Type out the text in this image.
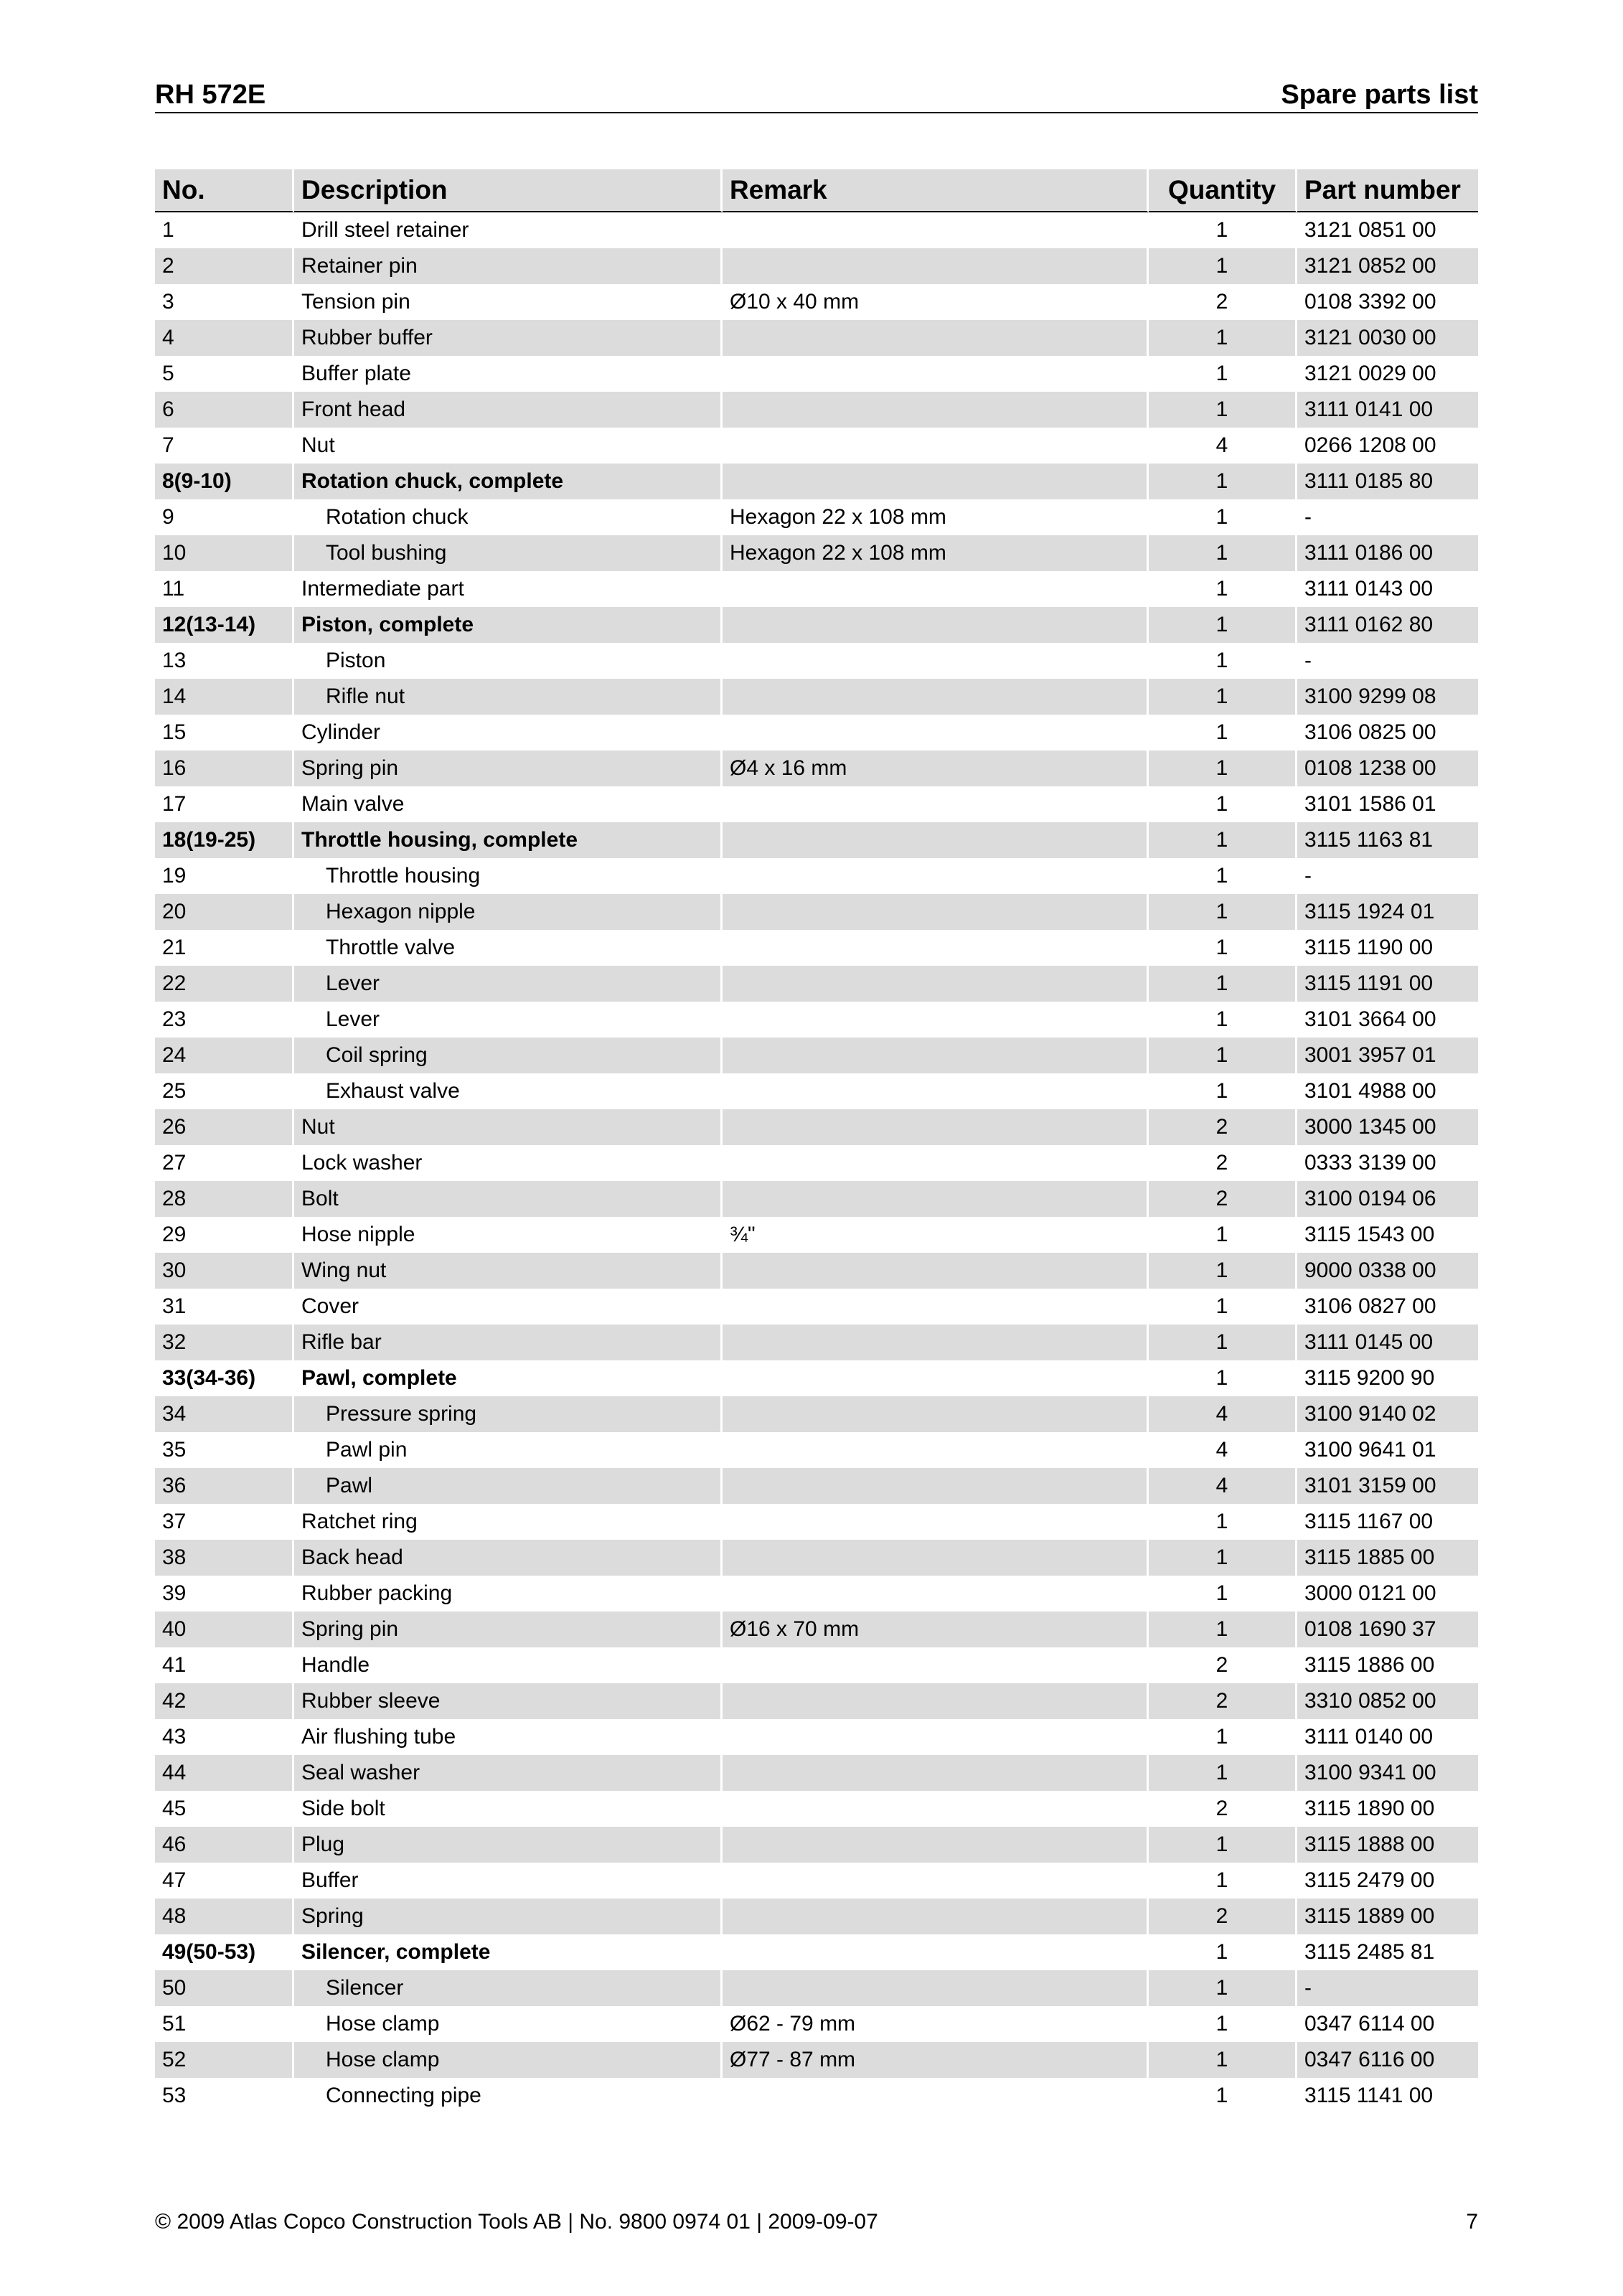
RH 572E	Spare parts list
No.	Description	Remark	Quantity	Part number
1	Drill steel retainer		1	3121 0851 00
2	Retainer pin		1	3121 0852 00
3	Tension pin	Ø10 x 40 mm	2	0108 3392 00
4	Rubber buffer		1	3121 0030 00
5	Buffer plate		1	3121 0029 00
6	Front head		1	3111 0141 00
7	Nut		4	0266 1208 00
8(9-10)	Rotation chuck, complete		1	3111 0185 80
9	Rotation chuck	Hexagon 22 x 108 mm	1	-
10	Tool bushing	Hexagon 22 x 108 mm	1	3111 0186 00
11	Intermediate part		1	3111 0143 00
12(13-14)	Piston, complete		1	3111 0162 80
13	Piston		1	-
14	Rifle nut		1	3100 9299 08
15	Cylinder		1	3106 0825 00
16	Spring pin	Ø4 x 16 mm	1	0108 1238 00
17	Main valve		1	3101 1586 01
18(19-25)	Throttle housing, complete		1	3115 1163 81
19	Throttle housing		1	-
20	Hexagon nipple		1	3115 1924 01
21	Throttle valve		1	3115 1190 00
22	Lever		1	3115 1191 00
23	Lever		1	3101 3664 00
24	Coil spring		1	3001 3957 01
25	Exhaust valve		1	3101 4988 00
26	Nut		2	3000 1345 00
27	Lock washer		2	0333 3139 00
28	Bolt		2	3100 0194 06
29	Hose nipple	¾"	1	3115 1543 00
30	Wing nut		1	9000 0338 00
31	Cover		1	3106 0827 00
32	Rifle bar		1	3111 0145 00
33(34-36)	Pawl, complete		1	3115 9200 90
34	Pressure spring		4	3100 9140 02
35	Pawl pin		4	3100 9641 01
36	Pawl		4	3101 3159 00
37	Ratchet ring		1	3115 1167 00
38	Back head		1	3115 1885 00
39	Rubber packing		1	3000 0121 00
40	Spring pin	Ø16 x 70 mm	1	0108 1690 37
41	Handle		2	3115 1886 00
42	Rubber sleeve		2	3310 0852 00
43	Air flushing tube		1	3111 0140 00
44	Seal washer		1	3100 9341 00
45	Side bolt		2	3115 1890 00
46	Plug		1	3115 1888 00
47	Buffer		1	3115 2479 00
48	Spring		2	3115 1889 00
49(50-53)	Silencer, complete		1	3115 2485 81
50	Silencer		1	-
51	Hose clamp	Ø62 - 79 mm	1	0347 6114 00
52	Hose clamp	Ø77 - 87 mm	1	0347 6116 00
53	Connecting pipe		1	3115 1141 00
© 2009 Atlas Copco Construction Tools AB | No. 9800 0974 01 | 2009-09-07	7
